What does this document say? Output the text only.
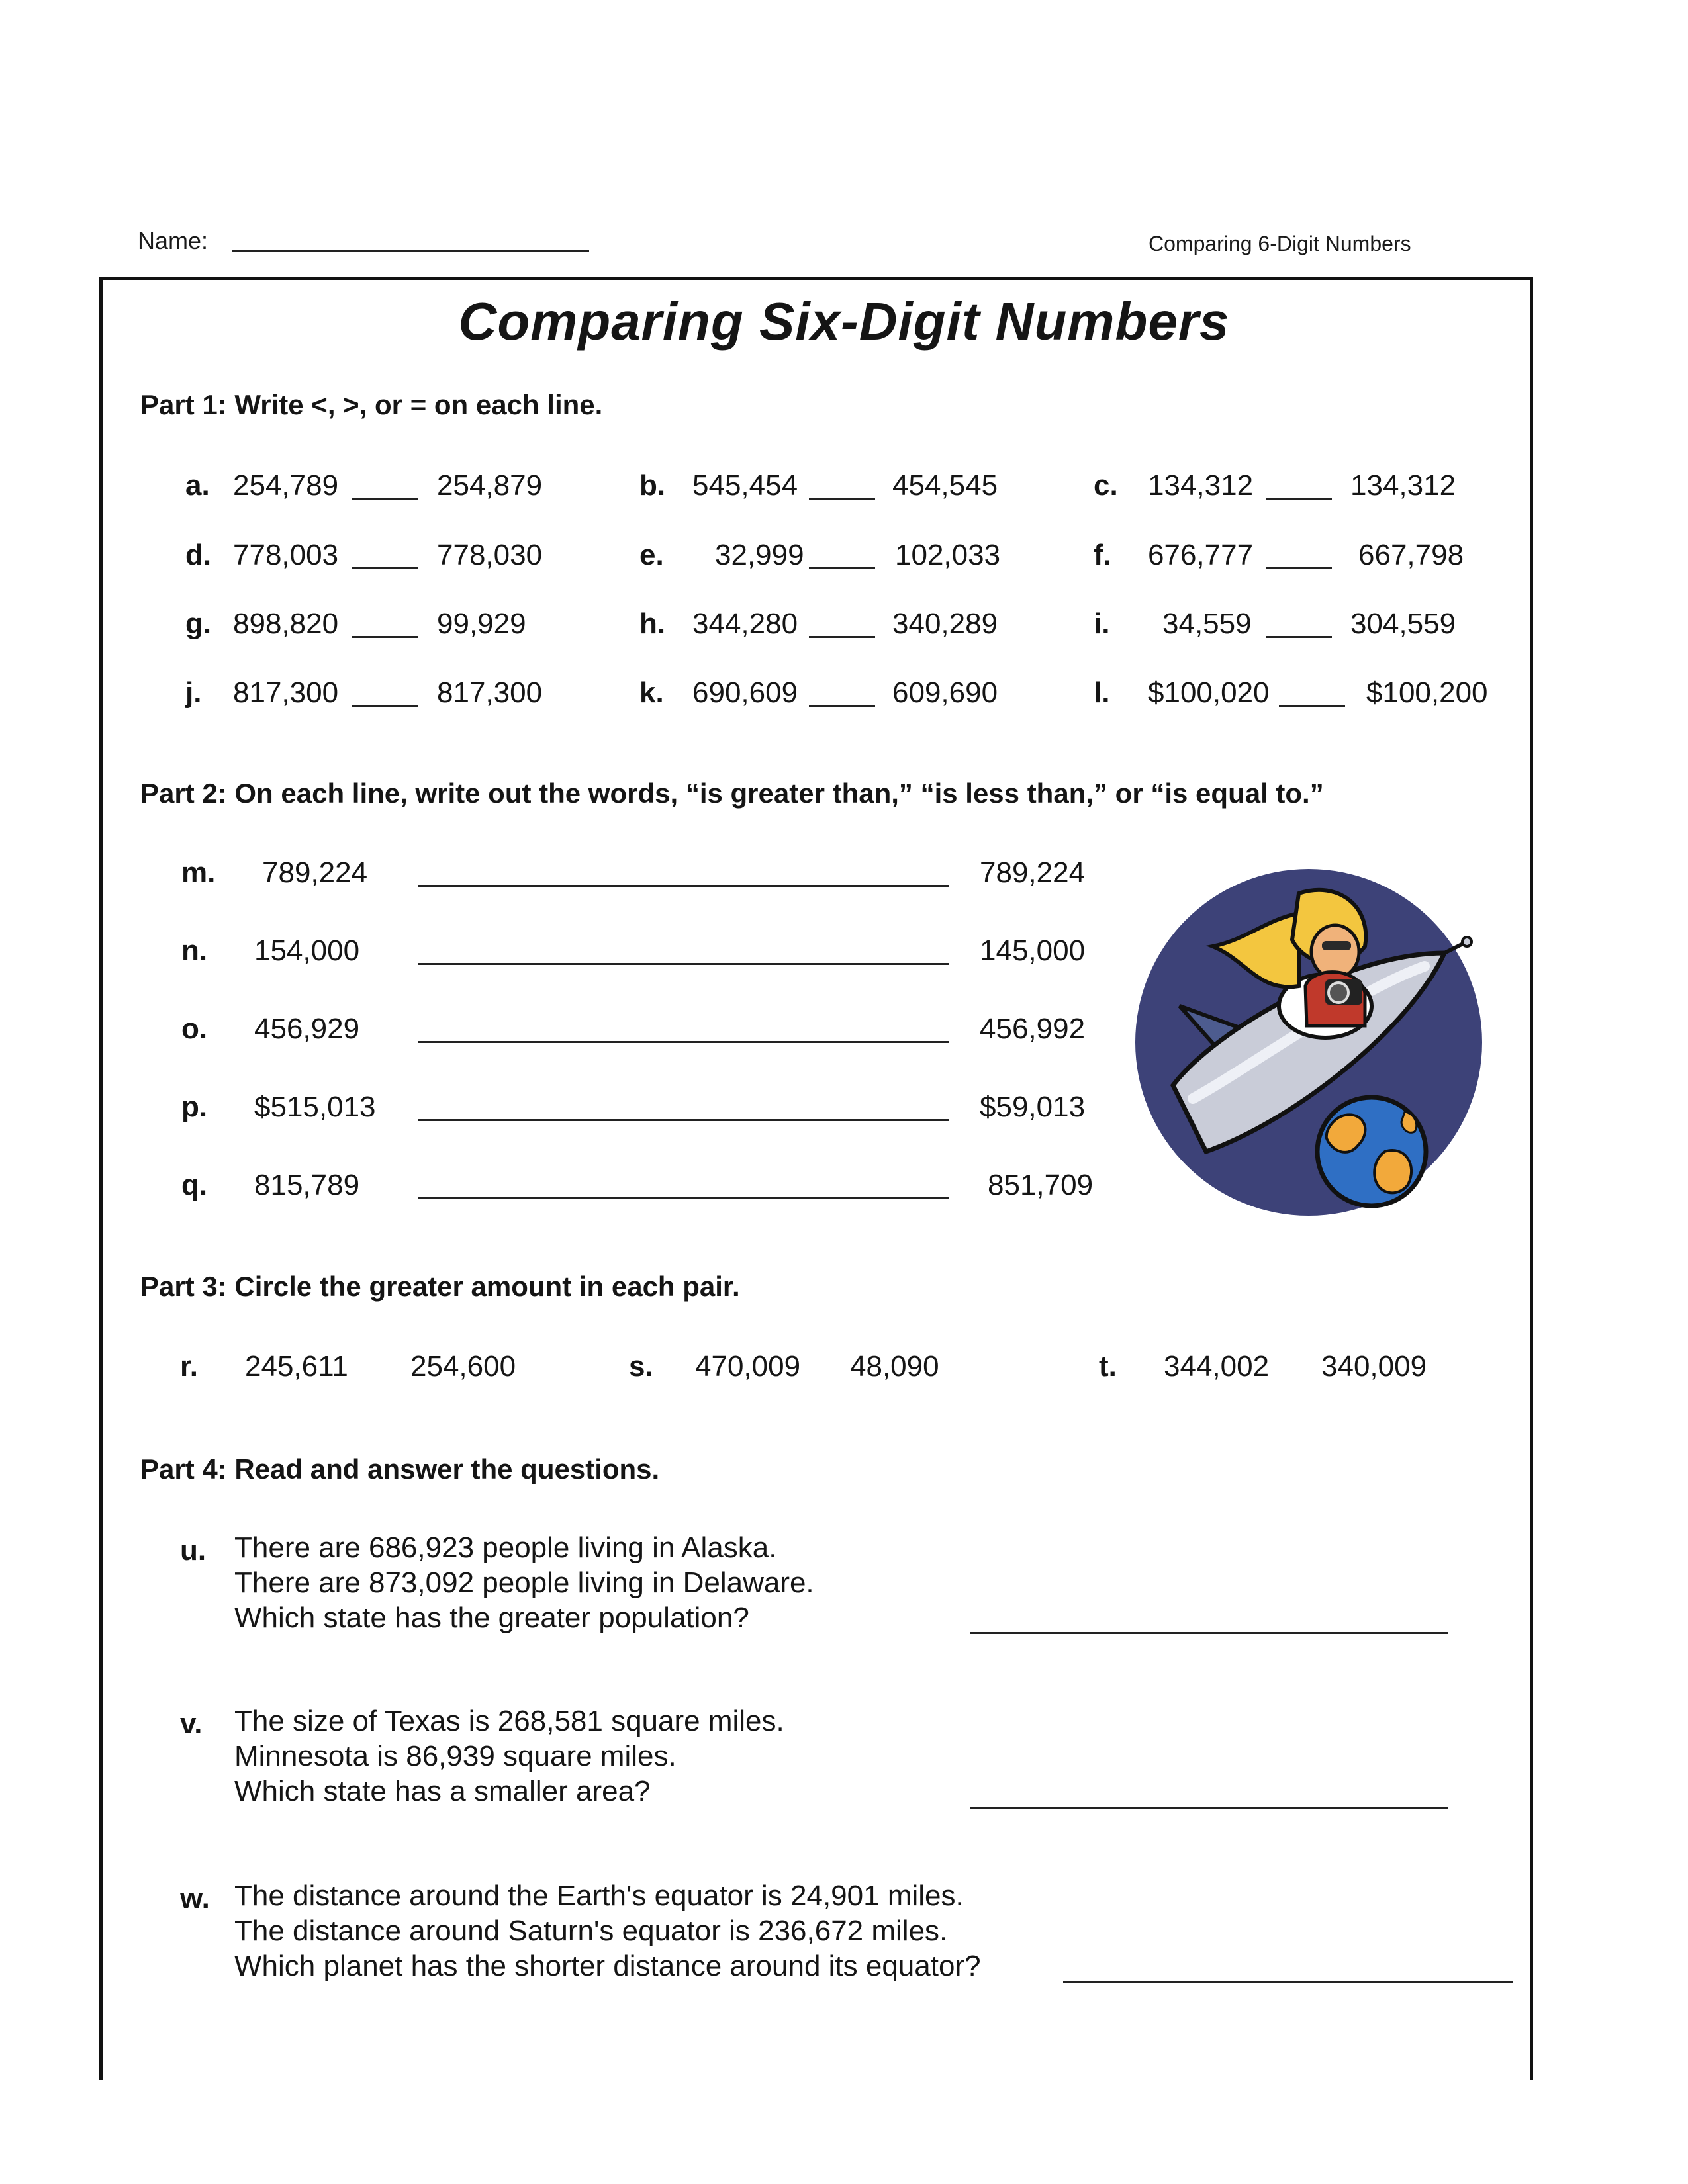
Name:	Comparing 6-Digit Numbers
Comparing Six-Digit Numbers
Part 1: Write <, >, or = on each line.
a. 254,789	254,879	b. 545,454	454,545	c. 134,312	134,312
d. 778,003	778,030	e. 32,999	102,033	f. 676,777	667,798
g. 898,820	99,929	h. 344,280	340,289	i. 34,559	304,559
j. 817,300	817,300	k. 690,609	609,690	l. $100,020	$100,200
Part 2: On each line, write out the words, “is greater than,” “is less than,” or “is equal to.”
m. 789,224	789,224
n. 154,000	145,000
o. 456,929	456,992
p. $515,013	$59,013
q. 815,789	851,709
Part 3: Circle the greater amount in each pair.
r. 245,611 254,600	s. 470,009 48,090	t. 344,002 340,009
Part 4: Read and answer the questions.
u. There are 686,923 people living in Alaska.
There are 873,092 people living in Delaware.
Which state has the greater population?
v. The size of Texas is 268,581 square miles.
Minnesota is 86,939 square miles.
Which state has a smaller area?
w. The distance around the Earth's equator is 24,901 miles.
The distance around Saturn's equator is 236,672 miles.
Which planet has the shorter distance around its equator?
